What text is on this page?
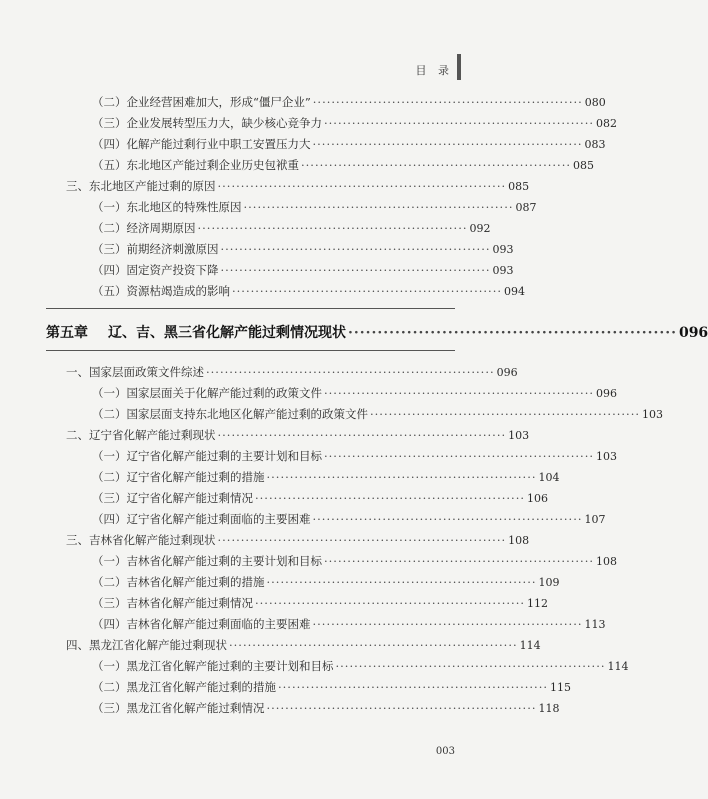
目 录
（二）企业经营困难加大，形成“僵尸企业” ·························································· 080
（三）企业发展转型压力大，缺少核心竞争力 ·························································· 082
（四）化解产能过剩行业中职工安置压力大 ·························································· 083
（五）东北地区产能过剩企业历史包袱重 ·························································· 085
三、东北地区产能过剩的原因 ······························································ 085
（一）东北地区的特殊性原因 ·························································· 087
（二）经济周期原因 ·························································· 092
（三）前期经济刺激原因 ·························································· 093
（四）固定资产投资下降 ·························································· 093
（五）资源枯竭造成的影响 ·························································· 094
第五章 辽、吉、黑三省化解产能过剩情况现状 ························································ 096
一、国家层面政策文件综述 ······························································ 096
（一）国家层面关于化解产能过剩的政策文件 ·························································· 096
（二）国家层面支持东北地区化解产能过剩的政策文件 ·························································· 103
二、辽宁省化解产能过剩现状 ······························································ 103
（一）辽宁省化解产能过剩的主要计划和目标 ·························································· 103
（二）辽宁省化解产能过剩的措施 ·························································· 104
（三）辽宁省化解产能过剩情况 ·························································· 106
（四）辽宁省化解产能过剩面临的主要困难 ·························································· 107
三、吉林省化解产能过剩现状 ······························································ 108
（一）吉林省化解产能过剩的主要计划和目标 ·························································· 108
（二）吉林省化解产能过剩的措施 ·························································· 109
（三）吉林省化解产能过剩情况 ·························································· 112
（四）吉林省化解产能过剩面临的主要困难 ·························································· 113
四、黑龙江省化解产能过剩现状 ······························································ 114
（一）黑龙江省化解产能过剩的主要计划和目标 ·························································· 114
（二）黑龙江省化解产能过剩的措施 ·························································· 115
（三）黑龙江省化解产能过剩情况 ·························································· 118
003
